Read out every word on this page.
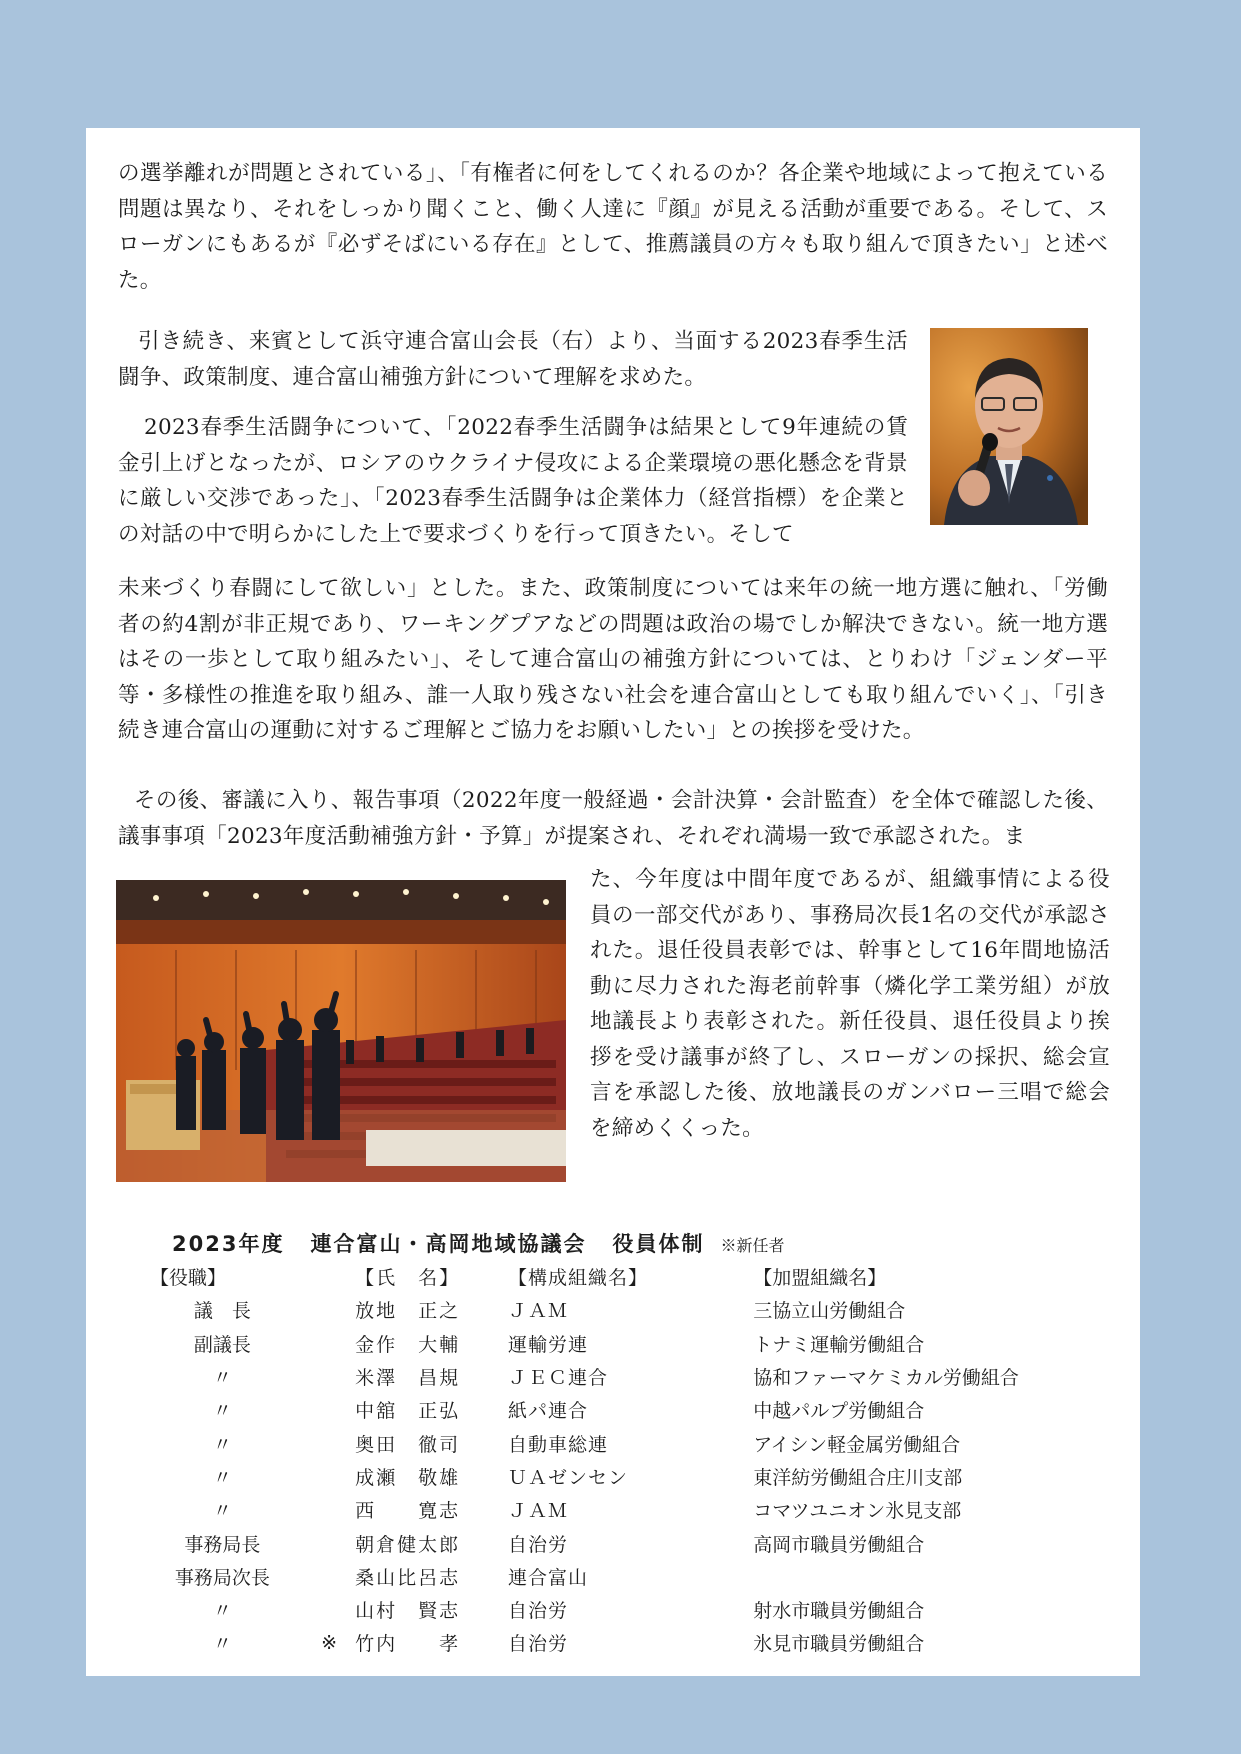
の選挙離れが問題とされている」、「有権者に何をしてくれるのか？各企業や地域によって抱えている問題は異なり、それをしっかり聞くこと、働く人達に『顔』が見える活動が重要である。そして、スローガンにもあるが『必ずそばにいる存在』として、推薦議員の方々も取り組んで頂きたい」と述べた。

引き続き、来賓として浜守連合富山会長（右）より、当面する2023春季生活闘争、政策制度、連合富山補強方針について理解を求めた。

2023春季生活闘争について、「2022春季生活闘争は結果として9年連続の賃金引上げとなったが、ロシアのウクライナ侵攻による企業環境の悪化懸念を背景に厳しい交渉であった」、「2023春季生活闘争は企業体力（経営指標）を企業との対話の中で明らかにした上で要求づくりを行って頂きたい。そして

未来づくり春闘にして欲しい」とした。また、政策制度については来年の統一地方選に触れ、「労働者の約4割が非正規であり、ワーキングプアなどの問題は政治の場でしか解決できない。統一地方選はその一歩として取り組みたい」、そして連合富山の補強方針については、とりわけ「ジェンダー平等・多様性の推進を取り組み、誰一人取り残さない社会を連合富山としても取り組んでいく」、「引き続き連合富山の運動に対するご理解とご協力をお願いしたい」との挨拶を受けた。

その後、審議に入り、報告事項（2022年度一般経過・会計決算・会計監査）を全体で確認した後、議事事項「2023年度活動補強方針・予算」が提案され、それぞれ満場一致で承認された。ま

た、今年度は中間年度であるが、組織事情による役員の一部交代があり、事務局次長1名の交代が承認された。退任役員表彰では、幹事として16年間地協活動に尽力された海老前幹事（燐化学工業労組）が放地議長より表彰された。新任役員、退任役員より挨拶を受け議事が終了し、スローガンの採択、総会宣言を承認した後、放地議長のガンバロー三唱で総会を締めくくった。

2023年度 連合富山・高岡地域協議会 役員体制 ※新任者
【役職】		【氏　名】	【構成組織名】	【加盟組織名】
議　長		放地　正之	ＪＡＭ	三協立山労働組合
副議長		金作　大輔	運輸労連	トナミ運輸労働組合
〃		米澤　昌規	ＪＥＣ連合	協和ファーマケミカル労働組合
〃		中舘　正弘	紙パ連合	中越パルプ労働組合
〃		奥田　徹司	自動車総連	アイシン軽金属労働組合
〃		成瀬　敬雄	ＵＡゼンセン	東洋紡労働組合庄川支部
〃		西　　寛志	ＪＡＭ	コマツユニオン氷見支部
事務局長		朝倉健太郎	自治労	高岡市職員労働組合
事務局次長		桑山比呂志	連合富山	
〃		山村　賢志	自治労	射水市職員労働組合
〃	※	竹内　　孝	自治労	氷見市職員労働組合
